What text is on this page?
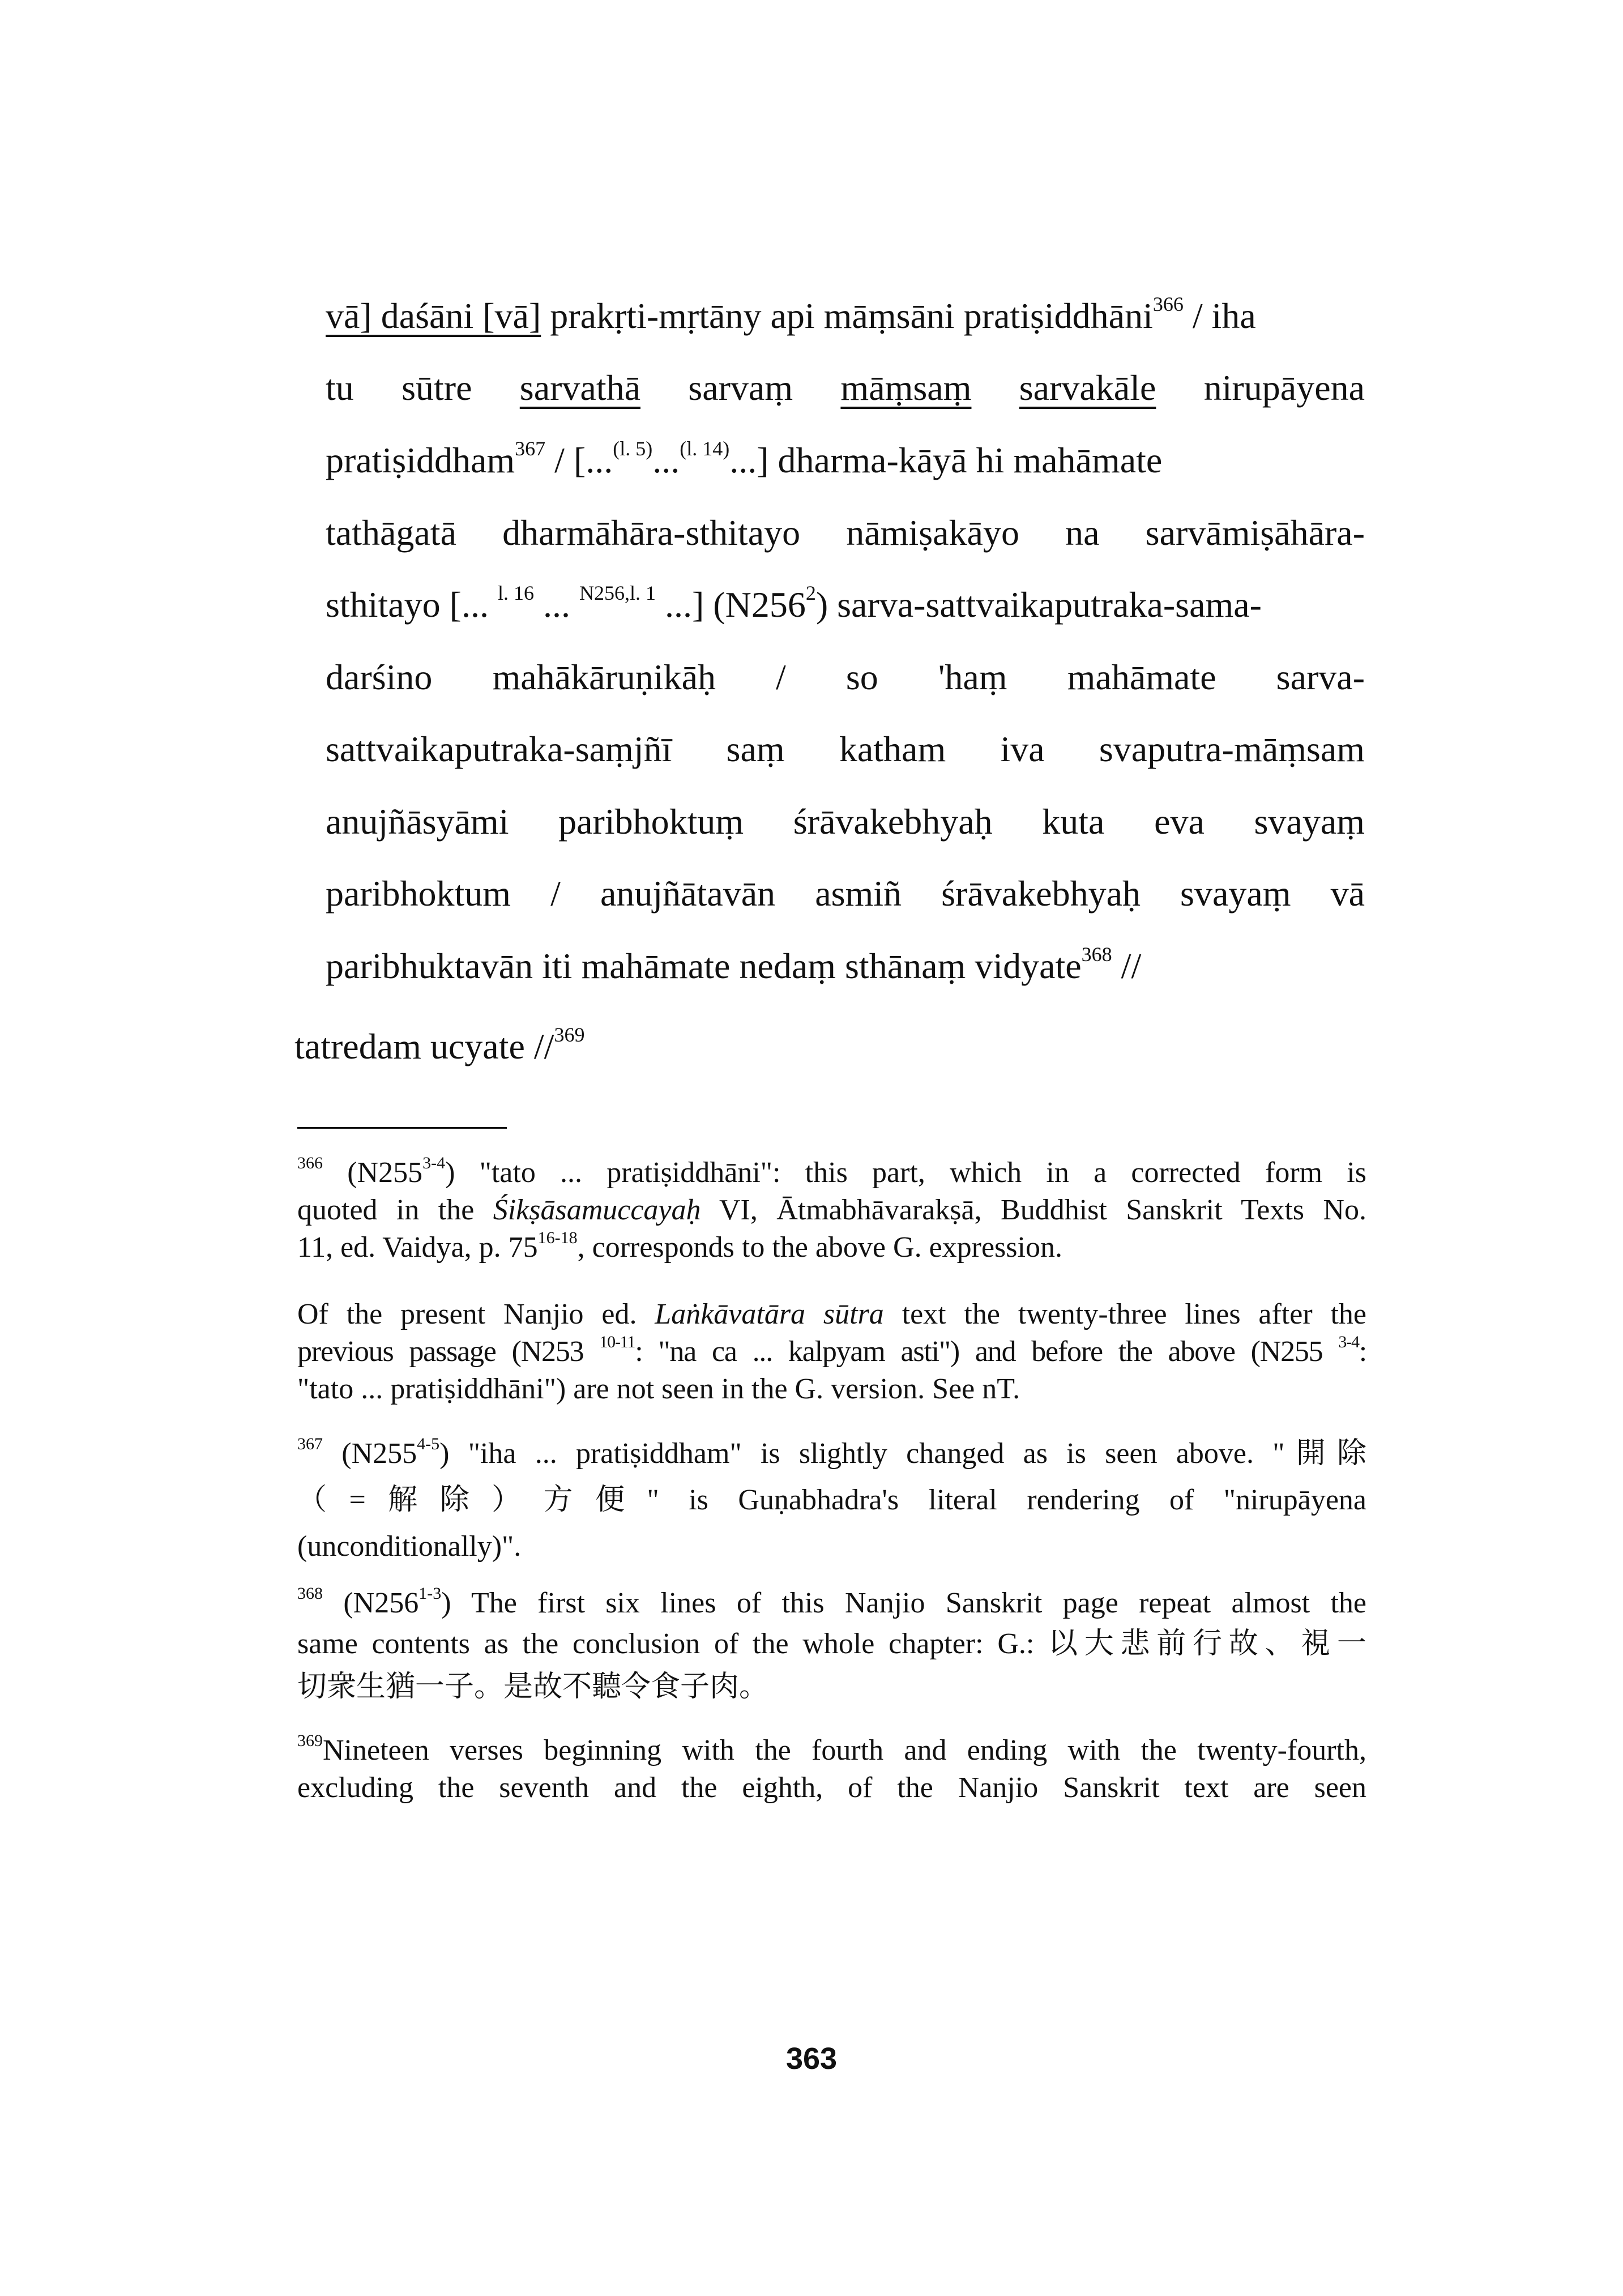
vā] daśāni [vā] prakṛti-mṛtāny api māṃsāni pratiṣiddhāni$^{366}$ / iha
tu sūtre sarvathā sarvaṃ māṃsaṃ sarvakāle nirupāyena
pratiṣiddham$^{367}$ / [...$^{(l. 5)}$...$^{(l. 14)}$...] dharma-kāyā hi mahāmate
tathāgatā dharmāhāra-sthitayo nāmiṣakāyo na sarvāmiṣāhāra-
sthitayo [... $^{l. 16}$ ... $^{N256,l. 1}$ ...] $(N256^2)$ sarva-sattvaikaputraka-sama-
darśino mahākāruṇikāḥ / so 'haṃ mahāmate sarva-
sattvaikaputraka-saṃjñī saṃ katham iva svaputra-māṃsam
anujñāsyāmi paribhoktuṃ śrāvakebhyaḥ kuta eva svayaṃ
paribhoktum / anujñātavān asmiñ śrāvakebhyaḥ svayaṃ vā
paribhuktavān iti mahāmate nedaṃ sthānaṃ vidyate$^{368}$ //
tatredam ucyate //$^{369}$
$^{366}$ (N255$^{3-4}$) "tato ... pratiṣiddhāni": this part, which in a corrected form is
quoted in the Śikṣāsamuccayaḥ VI, Ātmabhāvarakṣā, Buddhist Sanskrit Texts No.
11, ed. Vaidya, p. 75$^{16-18}$, corresponds to the above G. expression.
Of the present Nanjio ed. Laṅkāvatāra sūtra text the twenty-three lines after the
previous passage (N253 $^{10-11}$: "na ca ... kalpyam asti") and before the above (N255 $^{3-4}$:
"tato ... pratiṣiddhāni") are not seen in the G. version. See nT.
$^{367}$ (N255$^{4-5}$) "iha ... pratiṣiddham" is slightly changed as is seen above. "開除
（=解除）方便" is Guṇabhadra's literal rendering of "nirupāyena
(unconditionally)".
$^{368}$ (N256$^{1-3}$) The first six lines of this Nanjio Sanskrit page repeat almost the
same contents as the conclusion of the whole chapter: G.: 以大悲前行故、視一
切衆生猶一子。是故不聽令食子肉。
$^{369}$Nineteen verses beginning with the fourth and ending with the twenty-fourth,
excluding the seventh and the eighth, of the Nanjio Sanskrit text are seen
363
